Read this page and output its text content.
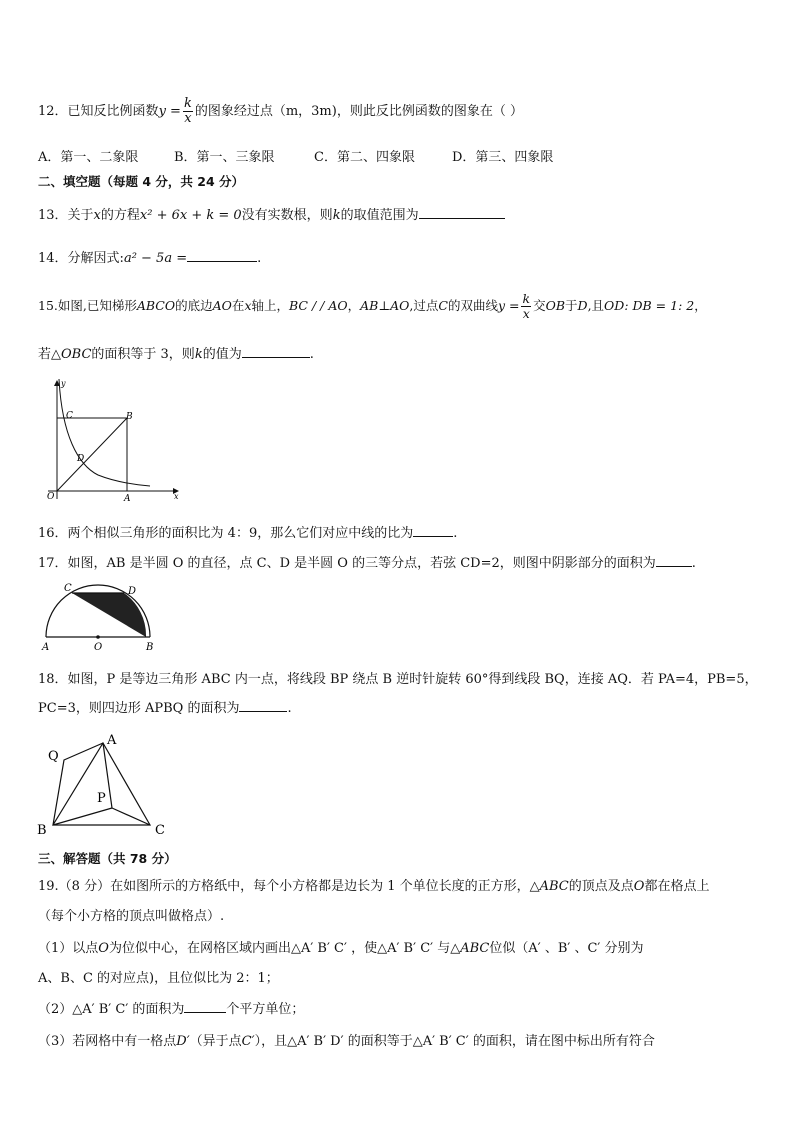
12．已知反比例函数$y = \frac{k}{x}$ 的图象经过点（m，3m)，则此反比例函数的图象在（ ）
A．第一、二象限	B．第一、三象限	C．第二、四象限	D．第三、四象限
二、填空题（每题 4 分，共 24 分）
13．关于x的方程x² + 6x + k = 0没有实数根，则k的取值范围为
14．分解因式:a² − 5a =	.
15.如图,已知梯形ABCO的底边AO在x轴上，BC / / AO，AB⊥AO,过点C的双曲线$y = \frac{k}{x}$ 交OB于D,且OD: DB = 1: 2，
若△OBC的面积等于 3，则k的值为	.
y
x
O	A
B
C
D
16．两个相似三角形的面积比为 4：9，那么它们对应中线的比为	.
17．如图，AB 是半圆 O 的直径，点 C、D 是半圆 O 的三等分点，若弦 CD=2，则图中阴影部分的面积为	.
A	B
C	D
O
18．如图，P 是等边三角形 ABC 内一点，将线段 BP 绕点 B 逆时针旋转 60°得到线段 BQ，连接 AQ．若 PA=4，PB=5，
PC=3，则四边形 APBQ 的面积为	.
Q
A
P
B	C
三、解答题（共 78 分）
19.（8 分）在如图所示的方格纸中，每个小方格都是边长为 1 个单位长度的正方形，△ABC的顶点及点O都在格点上
（每个小方格的顶点叫做格点）.
（1）以点O为位似中心，在网格区域内画出△A′ B′ C′ ，使△A′ B′ C′ 与△ABC位似（A′ 、B′ 、C′ 分别为
A、B、C 的对应点)，且位似比为 2：1；
（2）△A′ B′ C′ 的面积为	个平方单位；
（3）若网格中有一格点D′（异于点C′），且△A′ B′ D′ 的面积等于△A′ B′ C′ 的面积，请在图中标出所有符合
